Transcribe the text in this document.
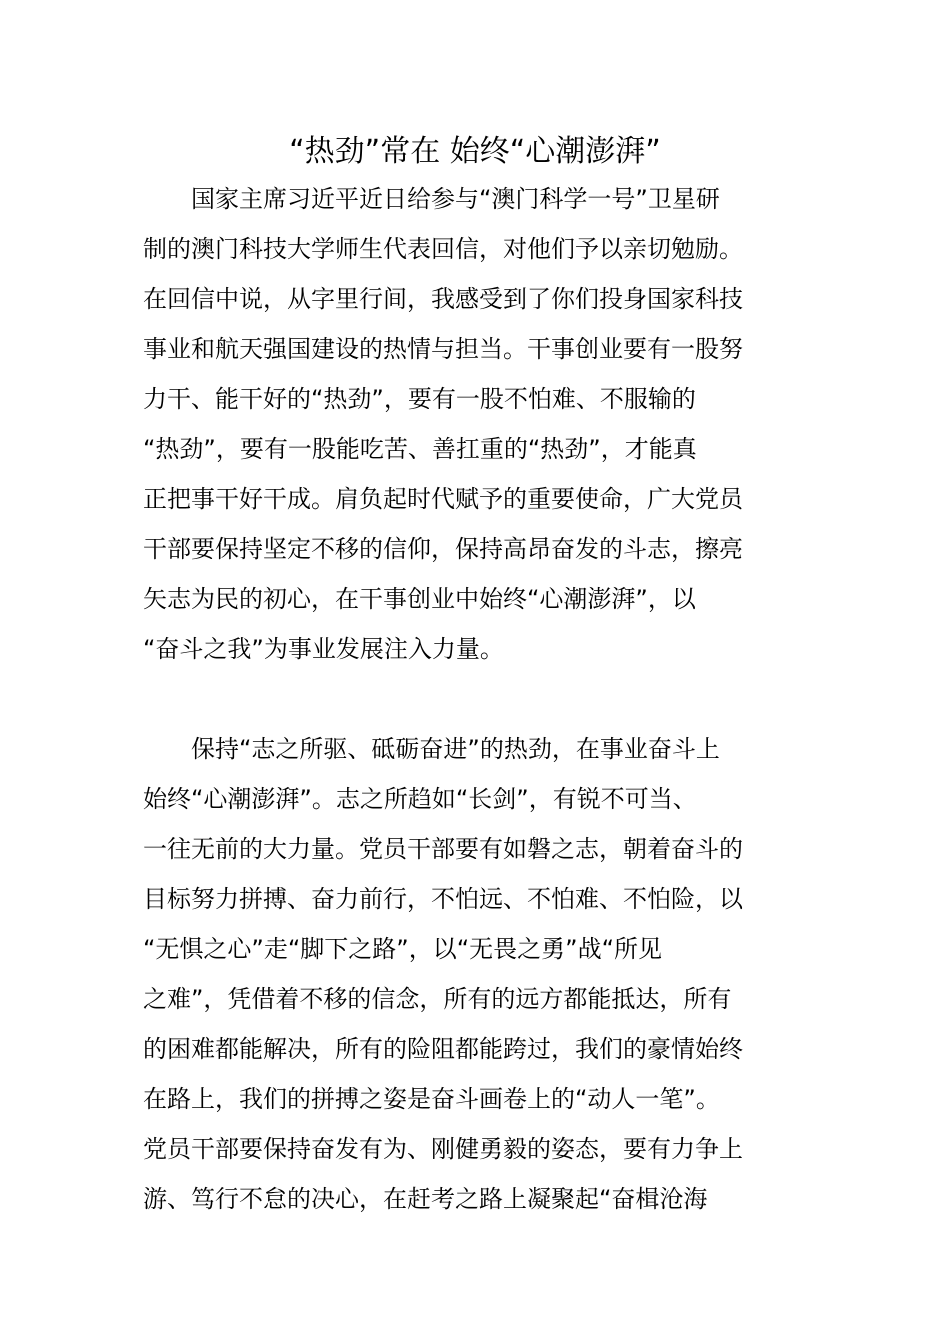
“热劲”常在 始终“心潮澎湃”
　　国家主席习近平近日给参与“澳门科学一号”卫星研
制的澳门科技大学师生代表回信，对他们予以亲切勉励。
在回信中说，从字里行间，我感受到了你们投身国家科技
事业和航天强国建设的热情与担当。干事创业要有一股努
力干、能干好的“热劲”，要有一股不怕难、不服输的
“热劲”，要有一股能吃苦、善扛重的“热劲”，才能真
正把事干好干成。肩负起时代赋予的重要使命，广大党员
干部要保持坚定不移的信仰，保持高昂奋发的斗志，擦亮
矢志为民的初心，在干事创业中始终“心潮澎湃”，以
“奋斗之我”为事业发展注入力量。
　　保持“志之所驱、砥砺奋进”的热劲，在事业奋斗上
始终“心潮澎湃”。志之所趋如“长剑”，有锐不可当、
一往无前的大力量。党员干部要有如磐之志，朝着奋斗的
目标努力拼搏、奋力前行，不怕远、不怕难、不怕险，以
“无惧之心”走“脚下之路”，以“无畏之勇”战“所见
之难”，凭借着不移的信念，所有的远方都能抵达，所有
的困难都能解决，所有的险阻都能跨过，我们的豪情始终
在路上，我们的拼搏之姿是奋斗画卷上的“动人一笔”。
党员干部要保持奋发有为、刚健勇毅的姿态，要有力争上
游、笃行不怠的决心，在赶考之路上凝聚起“奋楫沧海
